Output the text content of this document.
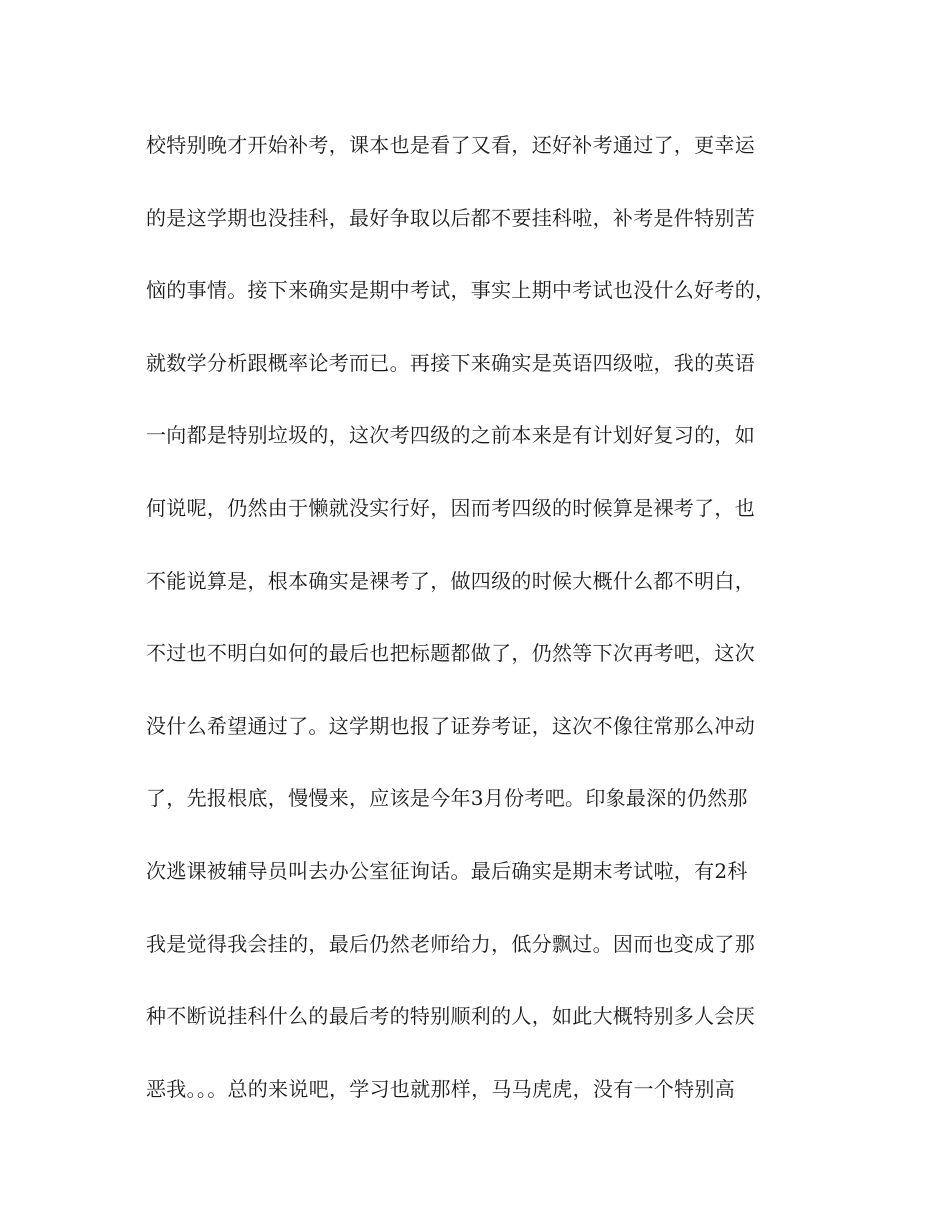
校特别晚才开始补考，课本也是看了又看，还好补考通过了，更幸运
的是这学期也没挂科，最好争取以后都不要挂科啦，补考是件特别苦
恼的事情。接下来确实是期中考试，事实上期中考试也没什么好考的，
就数学分析跟概率论考而已。再接下来确实是英语四级啦，我的英语
一向都是特别垃圾的，这次考四级的之前本来是有计划好复习的，如
何说呢，仍然由于懒就没实行好，因而考四级的时候算是裸考了，也
不能说算是，根本确实是裸考了，做四级的时候大概什么都不明白，
不过也不明白如何的最后也把标题都做了，仍然等下次再考吧，这次
没什么希望通过了。这学期也报了证券考证，这次不像往常那么冲动
了，先报根底，慢慢来，应该是今年3月份考吧。印象最深的仍然那
次逃课被辅导员叫去办公室征询话。最后确实是期末考试啦，有2科
我是觉得我会挂的，最后仍然老师给力，低分飘过。因而也变成了那
种不断说挂科什么的最后考的特别顺利的人，如此大概特别多人会厌
恶我。。。总的来说吧，学习也就那样，马马虎虎，没有一个特别高
